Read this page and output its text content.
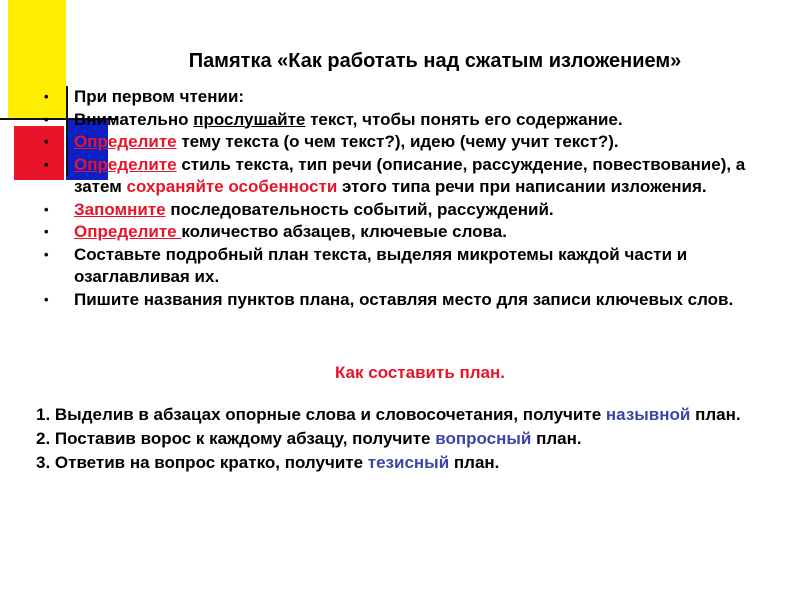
Памятка «Как работать над сжатым изложением»
• При первом чтении:
• Внимательно прослушайте текст, чтобы понять его содержание.
• Определите тему текста (о чем текст?), идею (чему учит текст?).
• Определите стиль текста, тип речи (описание, рассуждение, повествование), а затем сохраняйте особенности этого типа речи при написании изложения.
• Запомните последовательность событий, рассуждений.
• Определите количество абзацев, ключевые слова.
• Составьте подробный план текста, выделяя микротемы каждой части и озаглавливая их.
• Пишите названия пунктов плана, оставляя место для записи ключевых слов.
Как составить план.
1. Выделив в абзацах опорные слова и словосочетания, получите назывной план.
2. Поставив ворос к каждому абзацу, получите вопросный план.
3. Ответив на вопрос кратко, получите тезисный план.
